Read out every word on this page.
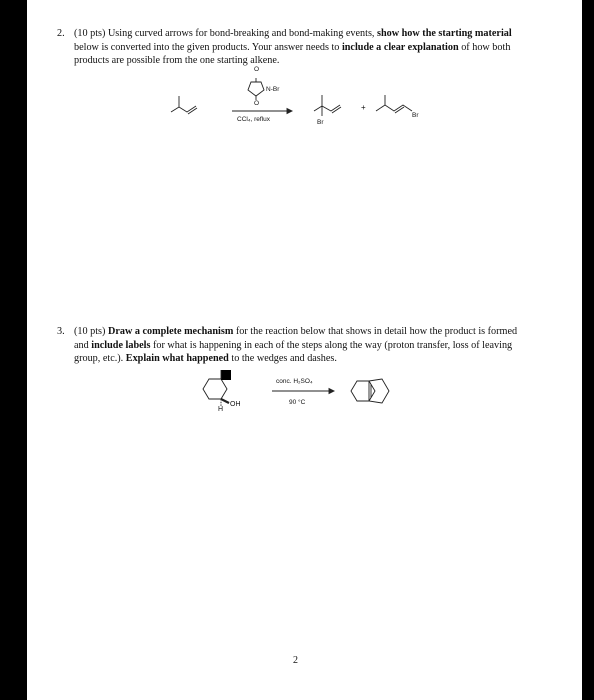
2. (10 pts) Using curved arrows for bond-breaking and bond-making events, show how the starting material
below is converted into the given products. Your answer needs to include a clear explanation of how both
products are possible from the one starting alkene.
O
N-Br
O
CCl₄, reflux	Br
+
Br
3. (10 pts) Draw a complete mechanism for the reaction below that shows in detail how the product is formed
and include labels for what is happening in each of the steps along the way (proton transfer, loss of leaving
group, etc.). Explain what happened to the wedges and dashes.
OH
H
conc. H₂SO₄
90 °C
2
